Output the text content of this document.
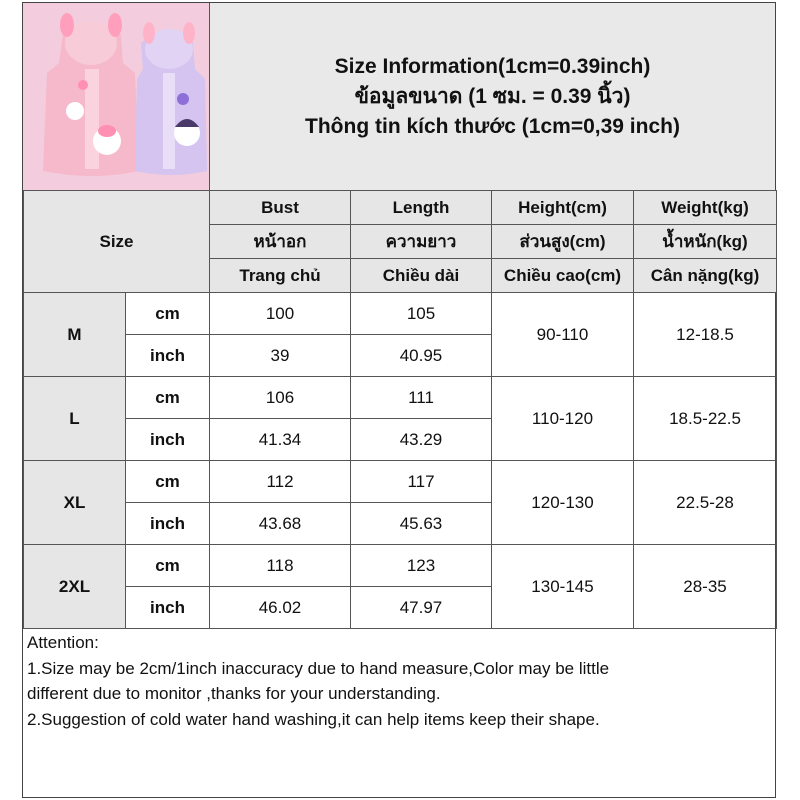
Size Information(1cm=0.39inch)
ข้อมูลขนาด (1 ซม. = 0.39 นิ้ว)
Thông tin kích thước (1cm=0,39 inch)
Size		Bust	Length	Height(cm)	Weight(kg)
		หน้าอก	ความยาว	ส่วนสูง(cm)	น้ำหนัก(kg)
		Trang chủ	Chiều dài	Chiều cao(cm)	Cân nặng(kg)
M	cm	100	105	90-110	12-18.5
	inch	39	40.95		
L	cm	106	111	110-120	18.5-22.5
	inch	41.34	43.29		
XL	cm	112	117	120-130	22.5-28
	inch	43.68	45.63		
2XL	cm	118	123	130-145	28-35
	inch	46.02	47.97		
Attention:
1.Size may be 2cm/1inch inaccuracy due to hand measure,Color may be little
different due to monitor ,thanks for your understanding.
2.Suggestion of cold water hand washing,it can help items keep their shape.
